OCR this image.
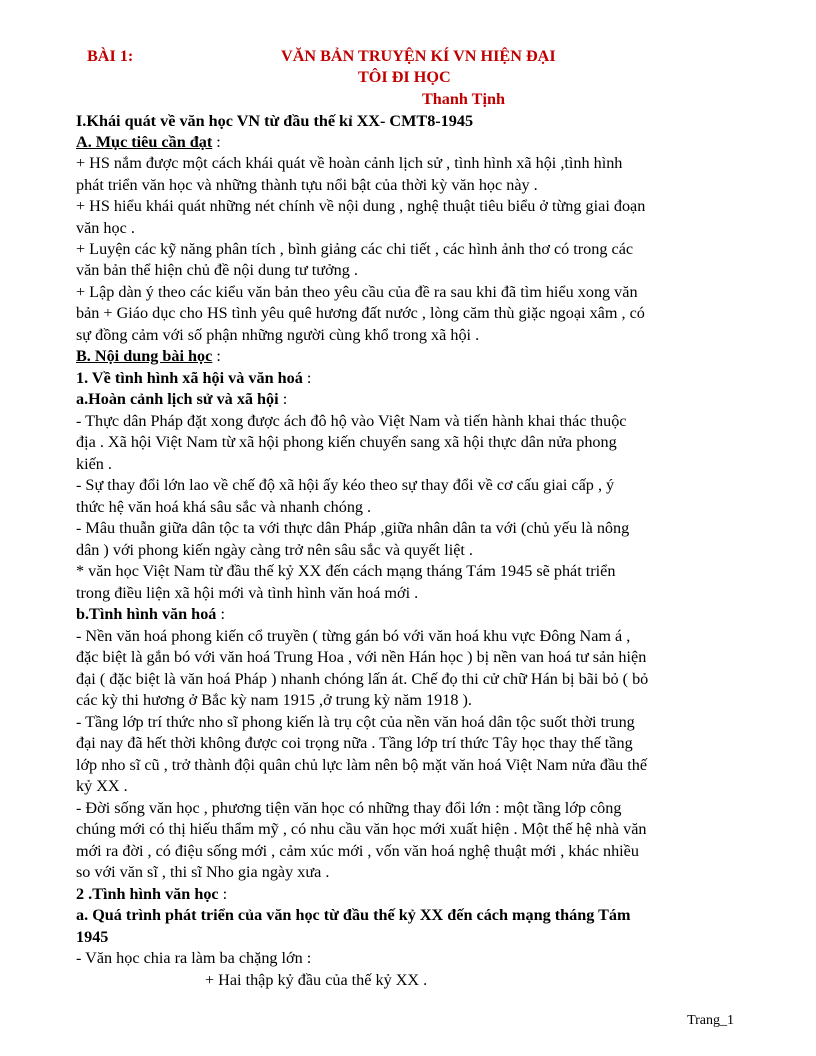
BÀI 1:	VĂN BẢN TRUYỆN KÍ VN HIỆN ĐẠI
TÔI ĐI HỌC
Thanh Tịnh
I.Khái quát về văn học VN từ đầu thế kỉ XX- CMT8-1945
A. Mục tiêu cần đạt :
+ HS nắm được một cách khái quát về hoàn cảnh lịch sử , tình hình xã hội ,tình hình
phát triển văn học và những thành tựu nổi bật của thời kỳ văn học này .
+ HS hiểu khái quát những nét chính về nội dung , nghệ thuật tiêu biểu ở từng giai đoạn
văn học .
+ Luyện các kỹ năng phân tích , bình giảng các chi tiết , các hình ảnh thơ có trong các
văn bản thể hiện chủ đề nội dung tư tưởng .
+ Lập dàn ý theo các kiểu văn bản theo yêu cầu của đề ra sau khi đã tìm hiểu xong văn
bản + Giáo dục cho HS tình yêu quê hương đất nước , lòng căm thù giặc ngoại xâm , có
sự đồng cảm với số phận những người cùng khổ trong xã hội .
B. Nội dung bài học :
1. Về tình hình xã hội và văn hoá :
a.Hoàn cảnh lịch sử và xã hội :
- Thực dân Pháp đặt xong được ách đô hộ vào Việt Nam và tiến hành khai thác thuộc
địa . Xã hội Việt Nam từ xã hội phong kiến chuyển sang xã hội thực dân nửa phong
kiến .
- Sự thay đổi lớn lao về chế độ xã hội ấy kéo theo sự thay đổi về cơ cấu giai cấp , ý
thức hệ văn hoá khá sâu sắc và nhanh chóng .
- Mâu thuẫn giữa dân tộc ta với thực dân Pháp ,giữa nhân dân ta với (chủ yếu là nông
dân ) với phong kiến ngày càng trở nên sâu sắc và quyết liệt .
* văn học Việt Nam từ đầu thế kỷ XX đến cách mạng tháng Tám 1945 sẽ phát triển
trong điều liện xã hội mới và tình hình văn hoá mới .
b.Tình hình văn hoá :
- Nền văn hoá phong kiến cổ truyền ( từng gán bó với văn hoá khu vực Đông Nam á ,
đặc biệt là gắn bó với văn hoá Trung Hoa , với nền Hán học ) bị nền van hoá tư sản hiện
đại ( đặc biệt là văn hoá Pháp ) nhanh chóng lấn át. Chế đọ thi cử chữ Hán bị bãi bỏ ( bỏ
các kỳ thi hương ở Bắc kỳ nam 1915 ,ở trung kỳ năm 1918 ).
- Tầng lớp trí thức nho sĩ phong kiến là trụ cột của nền văn hoá dân tộc suốt thời trung
đại nay đã hết thời không được coi trọng nữa . Tầng lớp trí thức Tây học thay thế tầng
lớp nho sĩ cũ , trở thành đội quân chủ lực làm nên bộ mặt văn hoá Việt Nam nửa đầu thế
kỷ XX .
- Đời sống văn học , phương tiện văn học có những thay đổi lớn : một tầng lớp công
chúng mới có thị hiếu thẩm mỹ , có nhu cầu văn học mới xuất hiện . Một thế hệ nhà văn
mới ra đời , có điệu sống mới , cảm xúc mới , vốn văn hoá nghệ thuật mới , khác nhiều
so với văn sĩ , thi sĩ Nho gia ngày xưa .
2 .Tình hình văn học :
a. Quá trình phát triển của văn học từ đầu thế kỷ XX đến cách mạng tháng Tám
1945
- Văn học chia ra làm ba chặng lớn :
+ Hai thập kỷ đầu của thế kỷ XX .
Trang_1
